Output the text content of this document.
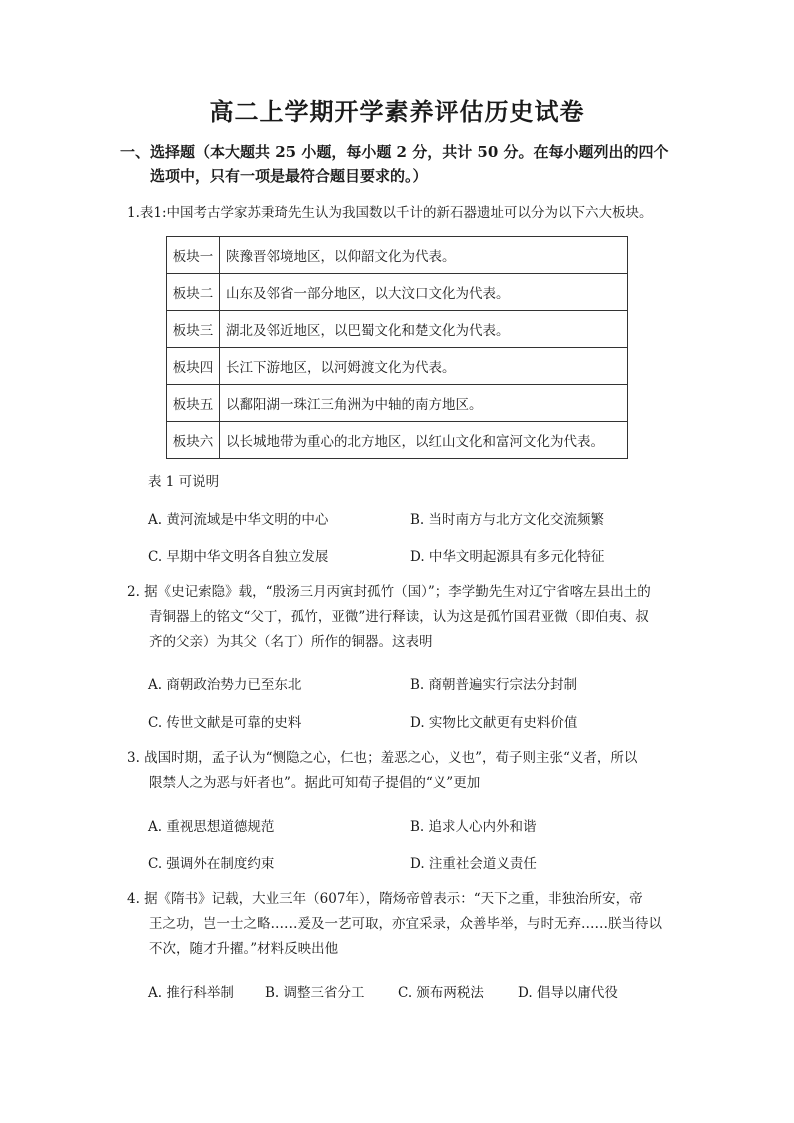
高二上学期开学素养评估历史试卷
一、选择题（本大题共 25 小题，每小题 2 分，共计 50 分。在每小题列出的四个
选项中，只有一项是最符合题目要求的。）
1.表1:中国考古学家苏秉琦先生认为我国数以千计的新石器遗址可以分为以下六大板块。
板块一	陕豫晋邻境地区，以仰韶文化为代表。
板块二	山东及邻省一部分地区，以大汶口文化为代表。
板块三	湖北及邻近地区，以巴蜀文化和楚文化为代表。
板块四	长江下游地区，以河姆渡文化为代表。
板块五	以鄱阳湖一珠江三角洲为中轴的南方地区。
板块六	以长城地带为重心的北方地区，以红山文化和富河文化为代表。
表 1 可说明
A. 黄河流域是中华文明的中心	B. 当时南方与北方文化交流频繁
C. 早期中华文明各自独立发展	D. 中华文明起源具有多元化特征
2. 据《史记索隐》载，“殷汤三月丙寅封孤竹（国）”；李学勤先生对辽宁省喀左县出土的
青铜器上的铭文“父丁，孤竹，亚微”进行释读，认为这是孤竹国君亚微（即伯夷、叔
齐的父亲）为其父（名丁）所作的铜器。这表明
A. 商朝政治势力已至东北	B. 商朝普遍实行宗法分封制
C. 传世文献是可靠的史料	D. 实物比文献更有史料价值
3. 战国时期，孟子认为“恻隐之心，仁也；羞恶之心，义也”，荀子则主张“义者，所以
限禁人之为恶与奸者也”。据此可知荀子提倡的“义”更加
A. 重视思想道德规范	B. 追求人心内外和谐
C. 强调外在制度约束	D. 注重社会道义责任
4. 据《隋书》记载，大业三年（607年），隋炀帝曾表示：“天下之重，非独治所安，帝
王之功，岂一士之略……爰及一艺可取，亦宜采录，众善毕举，与时无弃……朕当待以
不次，随才升擢。”材料反映出他
A. 推行科举制 B. 调整三省分工 C. 颁布两税法	D. 倡导以庸代役
